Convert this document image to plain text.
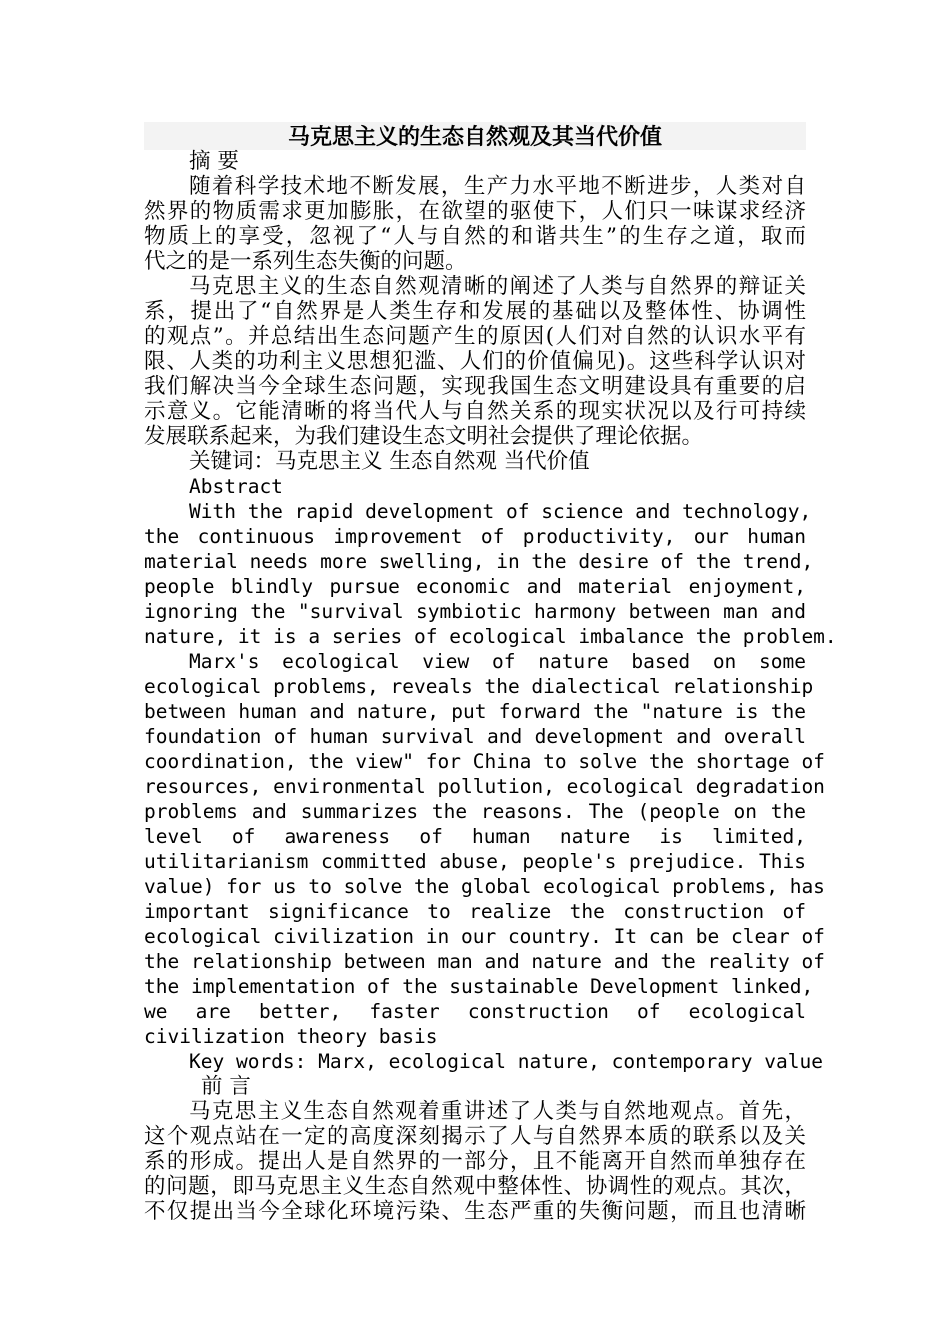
马克思主义的生态自然观及其当代价值
摘 要
随着科学技术地不断发展，生产力水平地不断进步，人类对自
然界的物质需求更加膨胀，在欲望的驱使下，人们只一味谋求经济
物质上的享受，忽视了“人与自然的和谐共生”的生存之道，取而
代之的是一系列生态失衡的问题。
马克思主义的生态自然观清晰的阐述了人类与自然界的辩证关
系，提出了“自然界是人类生存和发展的基础以及整体性、协调性
的观点”。并总结出生态问题产生的原因(人们对自然的认识水平有
限、人类的功利主义思想犯滥、人们的价值偏见)。这些科学认识对
我们解决当今全球生态问题，实现我国生态文明建设具有重要的启
示意义。它能清晰的将当代人与自然关系的现实状况以及行可持续
发展联系起来，为我们建设生态文明社会提供了理论依据。
关键词：马克思主义 生态自然观 当代价值
Abstract
With the rapid development of science and technology,
the continuous improvement of productivity, our human
material needs more swelling, in the desire of the trend,
people blindly pursue economic and material enjoyment,
ignoring the "survival symbiotic harmony between man and
nature, it is a series of ecological imbalance the problem.
Marx's ecological view of nature based on some
ecological problems, reveals the dialectical relationship
between human and nature, put forward the "nature is the
foundation of human survival and development and overall
coordination, the view" for China to solve the shortage of
resources, environmental pollution, ecological degradation
problems and summarizes the reasons. The (people on the
level of awareness of human nature is limited,
utilitarianism committed abuse, people's prejudice. This
value) for us to solve the global ecological problems, has
important significance to realize the construction of
ecological civilization in our country. It can be clear of
the relationship between man and nature and the reality of
the implementation of the sustainable Development linked,
we are better, faster construction of ecological
civilization theory basis
Key words: Marx, ecological nature, contemporary value
前 言
马克思主义生态自然观着重讲述了人类与自然地观点。首先，
这个观点站在一定的高度深刻揭示了人与自然界本质的联系以及关
系的形成。提出人是自然界的一部分，且不能离开自然而单独存在
的问题，即马克思主义生态自然观中整体性、协调性的观点。其次，
不仅提出当今全球化环境污染、生态严重的失衡问题，而且也清晰
